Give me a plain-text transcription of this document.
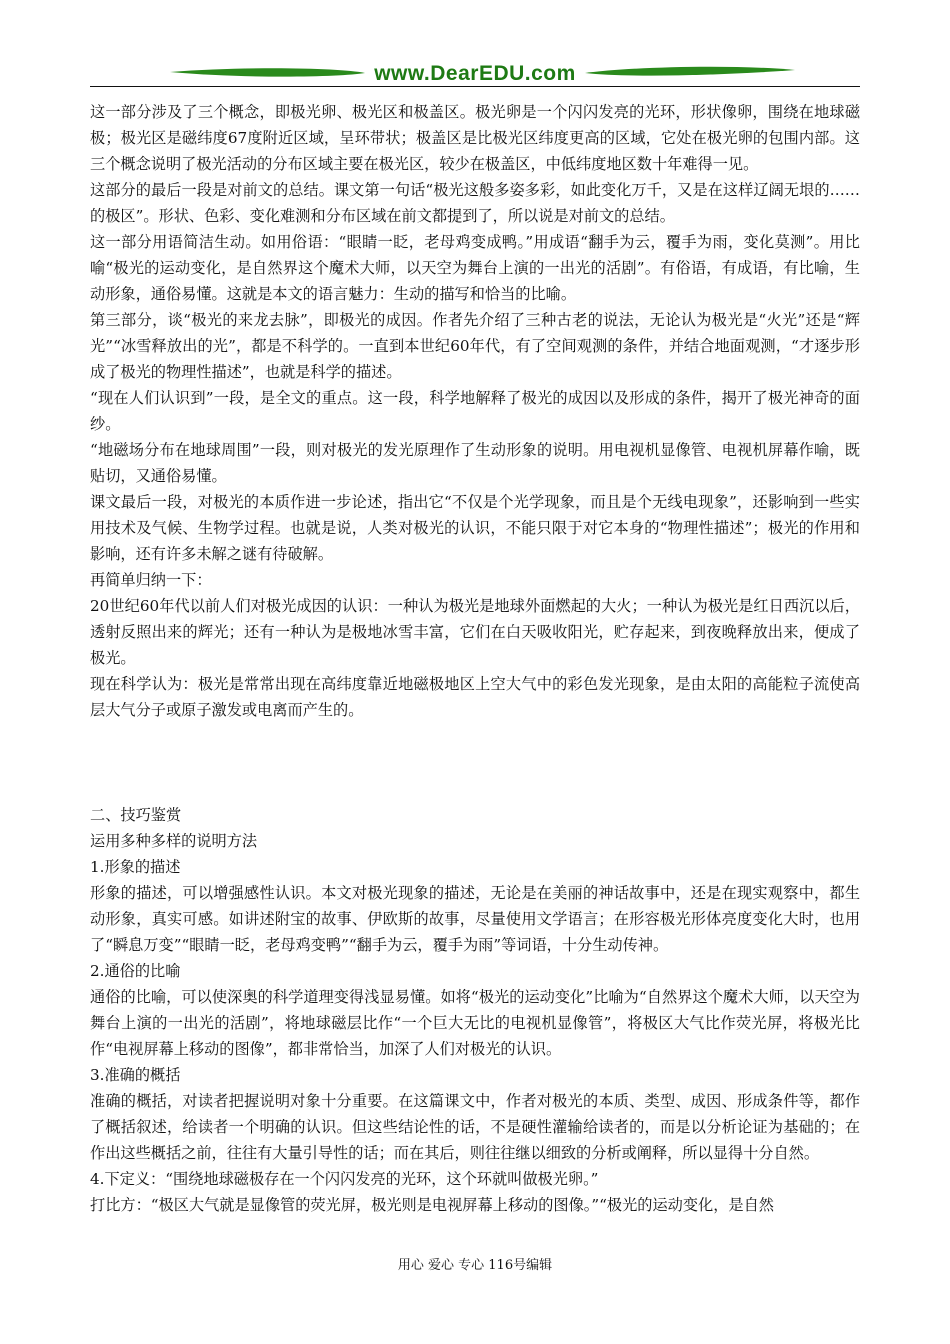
www.DearEDU.com

这一部分涉及了三个概念，即极光卵、极光区和极盖区。极光卵是一个闪闪发亮的光环，形状像卵，围绕在地球磁极；极光区是磁纬度67度附近区域，呈环带状；极盖区是比极光区纬度更高的区域，它处在极光卵的包围内部。这三个概念说明了极光活动的分布区域主要在极光区，较少在极盖区，中低纬度地区数十年难得一见。

这部分的最后一段是对前文的总结。课文第一句话“极光这般多姿多彩，如此变化万千，又是在这样辽阔无垠的……的极区”。形状、色彩、变化难测和分布区域在前文都提到了，所以说是对前文的总结。

这一部分用语简洁生动。如用俗语：“眼睛一眨，老母鸡变成鸭。”用成语“翻手为云，覆手为雨，变化莫测”。用比喻“极光的运动变化，是自然界这个魔术大师，以天空为舞台上演的一出光的活剧”。有俗语，有成语，有比喻，生动形象，通俗易懂。这就是本文的语言魅力：生动的描写和恰当的比喻。

第三部分，谈“极光的来龙去脉”，即极光的成因。作者先介绍了三种古老的说法，无论认为极光是“火光”还是“辉光”“冰雪释放出的光”，都是不科学的。一直到本世纪60年代，有了空间观测的条件，并结合地面观测，“才逐步形成了极光的物理性描述”，也就是科学的描述。

“现在人们认识到”一段，是全文的重点。这一段，科学地解释了极光的成因以及形成的条件，揭开了极光神奇的面纱。

“地磁场分布在地球周围”一段，则对极光的发光原理作了生动形象的说明。用电视机显像管、电视机屏幕作喻，既贴切，又通俗易懂。

课文最后一段，对极光的本质作进一步论述，指出它“不仅是个光学现象，而且是个无线电现象”，还影响到一些实用技术及气候、生物学过程。也就是说，人类对极光的认识，不能只限于对它本身的“物理性描述”；极光的作用和影响，还有许多未解之谜有待破解。

再简单归纳一下：

20世纪60年代以前人们对极光成因的认识：一种认为极光是地球外面燃起的大火；一种认为极光是红日西沉以后，透射反照出来的辉光；还有一种认为是极地冰雪丰富，它们在白天吸收阳光，贮存起来，到夜晚释放出来，便成了极光。

现在科学认为：极光是常常出现在高纬度靠近地磁极地区上空大气中的彩色发光现象，是由太阳的高能粒子流使高层大气分子或原子激发或电离而产生的。

二、技巧鉴赏

运用多种多样的说明方法

1.形象的描述

形象的描述，可以增强感性认识。本文对极光现象的描述，无论是在美丽的神话故事中，还是在现实观察中，都生动形象，真实可感。如讲述附宝的故事、伊欧斯的故事，尽量使用文学语言；在形容极光形体亮度变化大时，也用了“瞬息万变”“眼睛一眨，老母鸡变鸭”“翻手为云，覆手为雨”等词语，十分生动传神。

2.通俗的比喻

通俗的比喻，可以使深奥的科学道理变得浅显易懂。如将“极光的运动变化”比喻为“自然界这个魔术大师，以天空为舞台上演的一出光的活剧”，将地球磁层比作“一个巨大无比的电视机显像管”，将极区大气比作荧光屏，将极光比作“电视屏幕上移动的图像”，都非常恰当，加深了人们对极光的认识。

3.准确的概括

准确的概括，对读者把握说明对象十分重要。在这篇课文中，作者对极光的本质、类型、成因、形成条件等，都作了概括叙述，给读者一个明确的认识。但这些结论性的话，不是硬性灌输给读者的，而是以分析论证为基础的；在作出这些概括之前，往往有大量引导性的话；而在其后，则往往继以细致的分析或阐释，所以显得十分自然。

4.下定义：“围绕地球磁极存在一个闪闪发亮的光环，这个环就叫做极光卵。”

打比方：“极区大气就是显像管的荧光屏，极光则是电视屏幕上移动的图像。”“极光的运动变化，是自然

用心 爱心 专心 116号编辑
